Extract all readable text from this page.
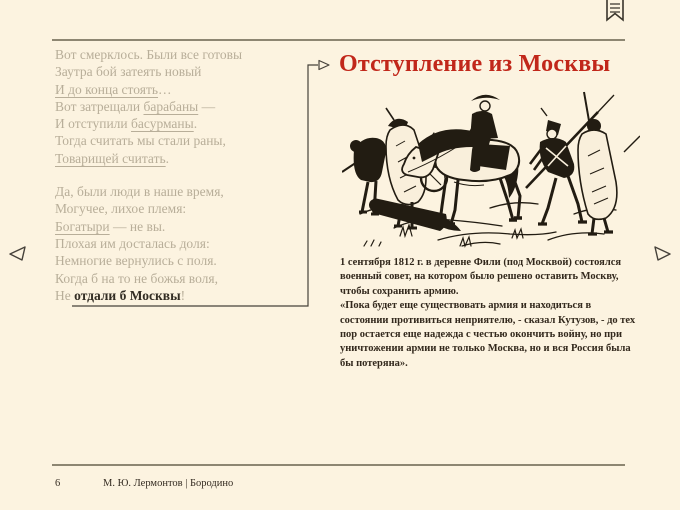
Вот смерклось. Были все готовы
Заутра бой затеять новый
И до конца стоять…
Вот затрещали барабаны —
И отступили басурманы.
Тогда считать мы стали раны,
Товарищей считать.
Да, были люди в наше время,
Могучее, лихое племя:
Богатыри — не вы.
Плохая им досталась доля:
Немногие вернулись с поля.
Когда б на то не божья воля,
Не отдали б Москвы!
Отступление из Москвы

1 сентября 1812 г. в деревне Фили (под Москвой) состоялся военный совет, на котором было решено оставить Москву, чтобы сохранить армию.

«Пока будет еще существовать армия и находиться в состоянии противиться неприятелю, - сказал Кутузов, - до тех пор остается еще надежда с честью окончить войну, но при уничтожении армии не только Москва, но и вся Россия была бы потеряна».

6	М. Ю. Лермонтов | Бородино
